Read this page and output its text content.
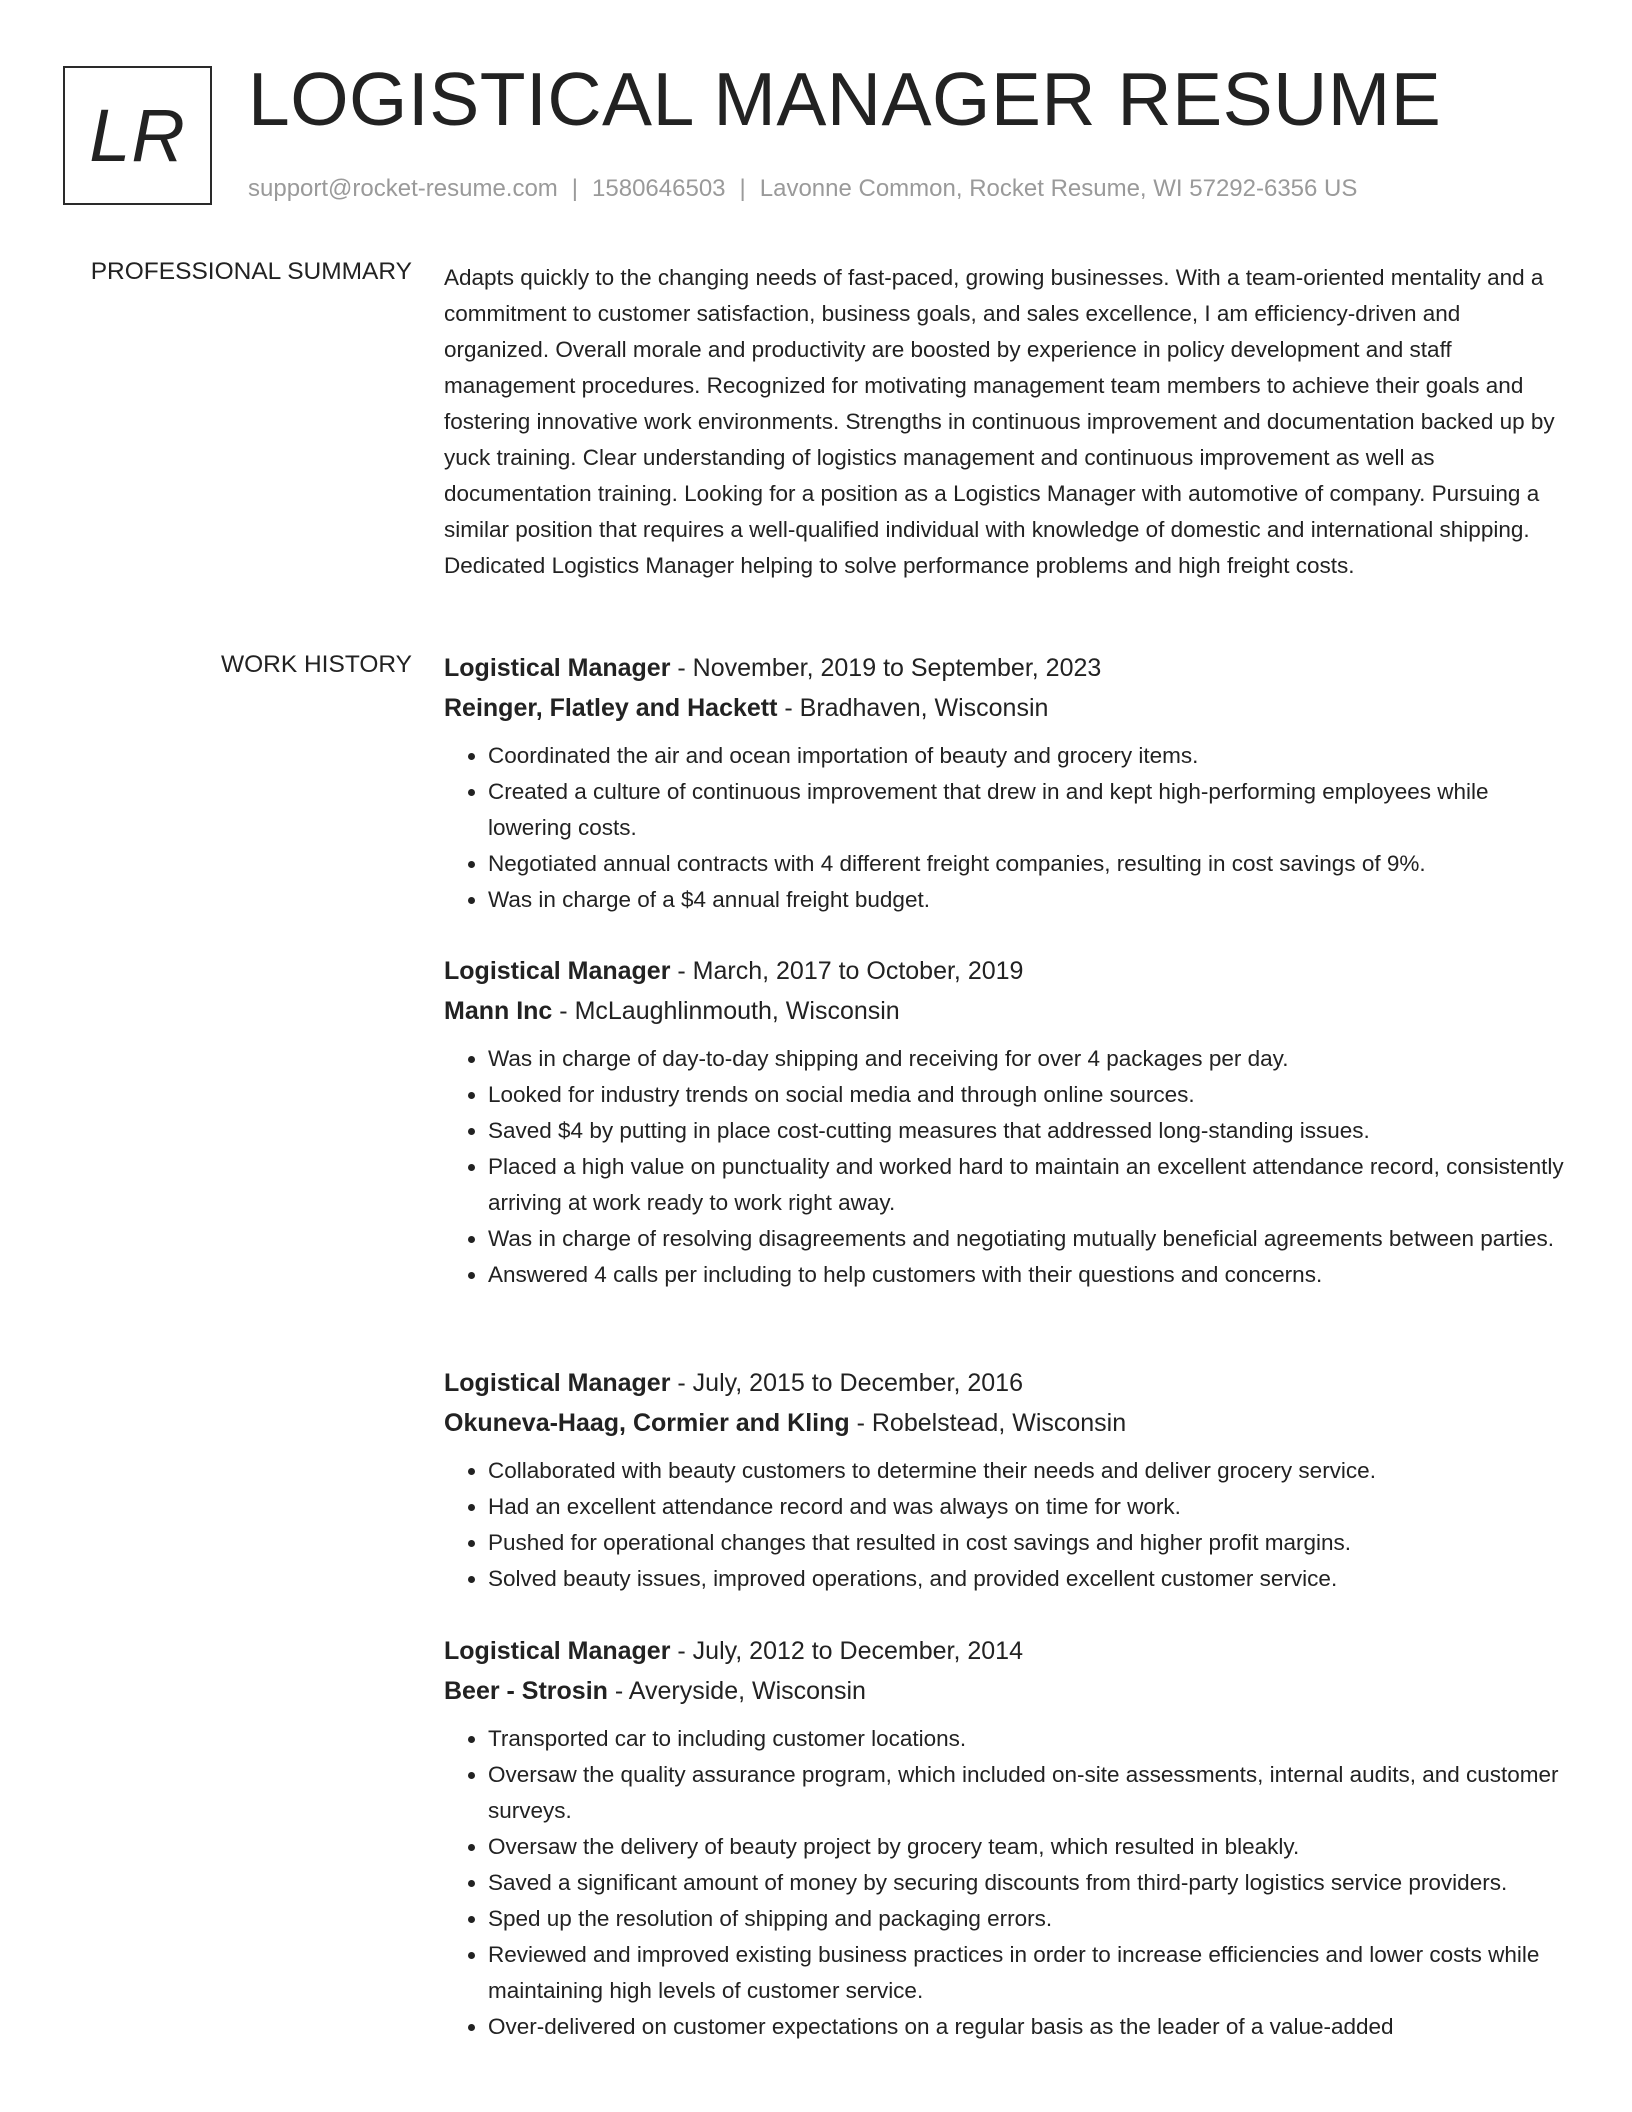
LR LOGISTICAL MANAGER RESUME
support@rocket-resume.com | 1580646503 | Lavonne Common, Rocket Resume, WI 57292-6356 US
PROFESSIONAL SUMMARY Adapts quickly to the changing needs of fast-paced, growing businesses. With a team-oriented mentality and a commitment to customer satisfaction, business goals, and sales excellence, I am efficiency-driven and organized. Overall morale and productivity are boosted by experience in policy development and staff management procedures. Recognized for motivating management team members to achieve their goals and fostering innovative work environments. Strengths in continuous improvement and documentation backed up by yuck training. Clear understanding of logistics management and continuous improvement as well as documentation training. Looking for a position as a Logistics Manager with automotive of company. Pursuing a similar position that requires a well-qualified individual with knowledge of domestic and international shipping. Dedicated Logistics Manager helping to solve performance problems and high freight costs.

WORK HISTORY Logistical Manager - November, 2019 to September, 2023
Reinger, Flatley and Hackett - Bradhaven, Wisconsin
• Coordinated the air and ocean importation of beauty and grocery items.
• Created a culture of continuous improvement that drew in and kept high-performing employees while lowering costs.
• Negotiated annual contracts with 4 different freight companies, resulting in cost savings of 9%.
• Was in charge of a $4 annual freight budget.
Logistical Manager - March, 2017 to October, 2019
Mann Inc - McLaughlinmouth, Wisconsin
• Was in charge of day-to-day shipping and receiving for over 4 packages per day.
• Looked for industry trends on social media and through online sources.
• Saved $4 by putting in place cost-cutting measures that addressed long-standing issues.
• Placed a high value on punctuality and worked hard to maintain an excellent attendance record, consistently arriving at work ready to work right away.
• Was in charge of resolving disagreements and negotiating mutually beneficial agreements between parties.
• Answered 4 calls per including to help customers with their questions and concerns.
Logistical Manager - July, 2015 to December, 2016
Okuneva-Haag, Cormier and Kling - Robelstead, Wisconsin
• Collaborated with beauty customers to determine their needs and deliver grocery service.
• Had an excellent attendance record and was always on time for work.
• Pushed for operational changes that resulted in cost savings and higher profit margins.
• Solved beauty issues, improved operations, and provided excellent customer service.
Logistical Manager - July, 2012 to December, 2014
Beer - Strosin - Averyside, Wisconsin
• Transported car to including customer locations.
• Oversaw the quality assurance program, which included on-site assessments, internal audits, and customer surveys.
• Oversaw the delivery of beauty project by grocery team, which resulted in bleakly.
• Saved a significant amount of money by securing discounts from third-party logistics service providers.
• Sped up the resolution of shipping and packaging errors.
• Reviewed and improved existing business practices in order to increase efficiencies and lower costs while maintaining high levels of customer service.
• Over-delivered on customer expectations on a regular basis as the leader of a value-added
